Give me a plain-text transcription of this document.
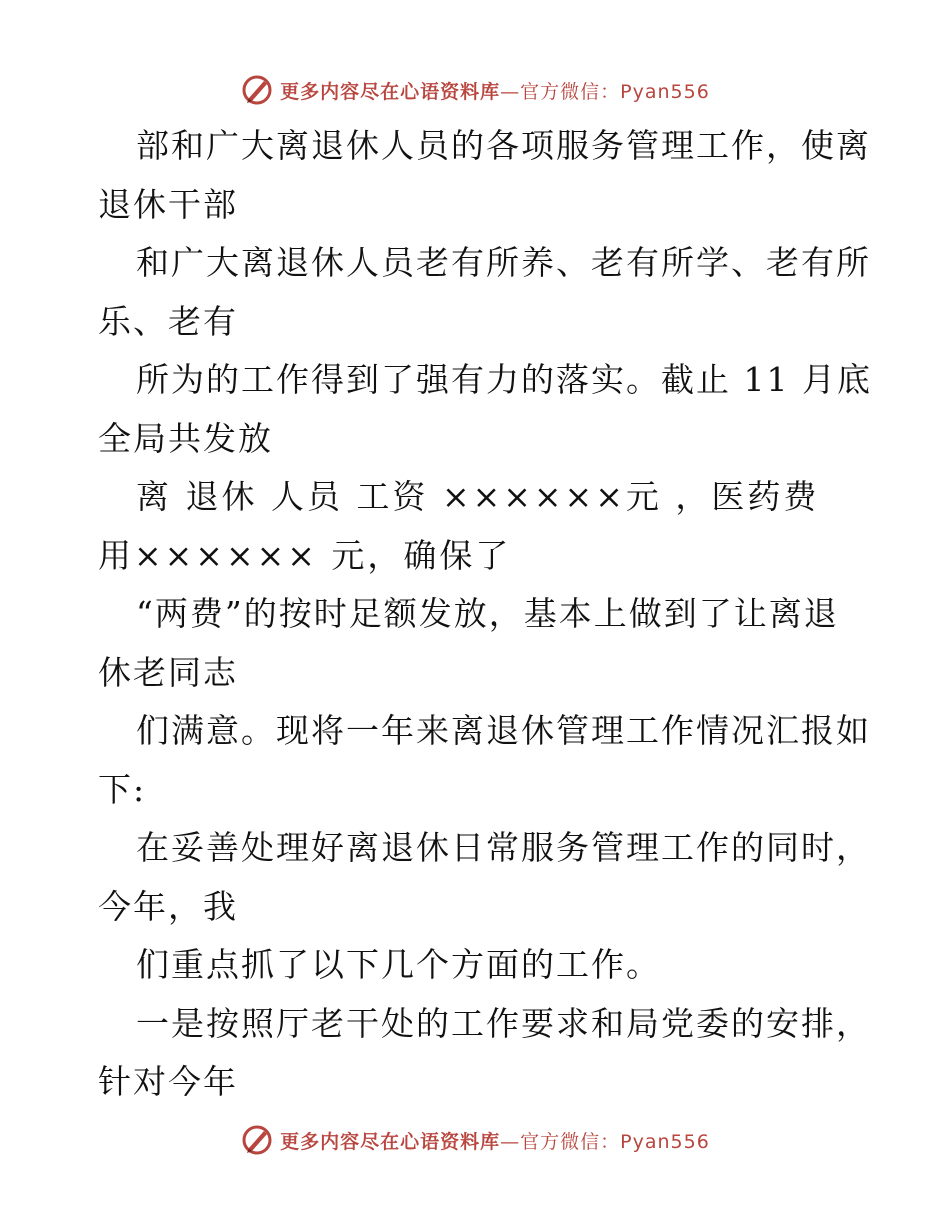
更多内容尽在心语资料库—官方微信：Pyan556
部和广大离退休人员的各项服务管理工作，使离
退休干部
和广大离退休人员老有所养、老有所学、老有所
乐、老有
所为的工作得到了强有力的落实。截止 11 月底
全局共发放
离 退休 人员 工资 ××××××元 ，医药费
用×××××× 元，确保了
“两费”的按时足额发放，基本上做到了让离退
休老同志
们满意。现将一年来离退休管理工作情况汇报如
下:
在妥善处理好离退休日常服务管理工作的同时，
今年，我
们重点抓了以下几个方面的工作。
一是按照厅老干处的工作要求和局党委的安排，
针对今年
更多内容尽在心语资料库—官方微信：Pyan556
